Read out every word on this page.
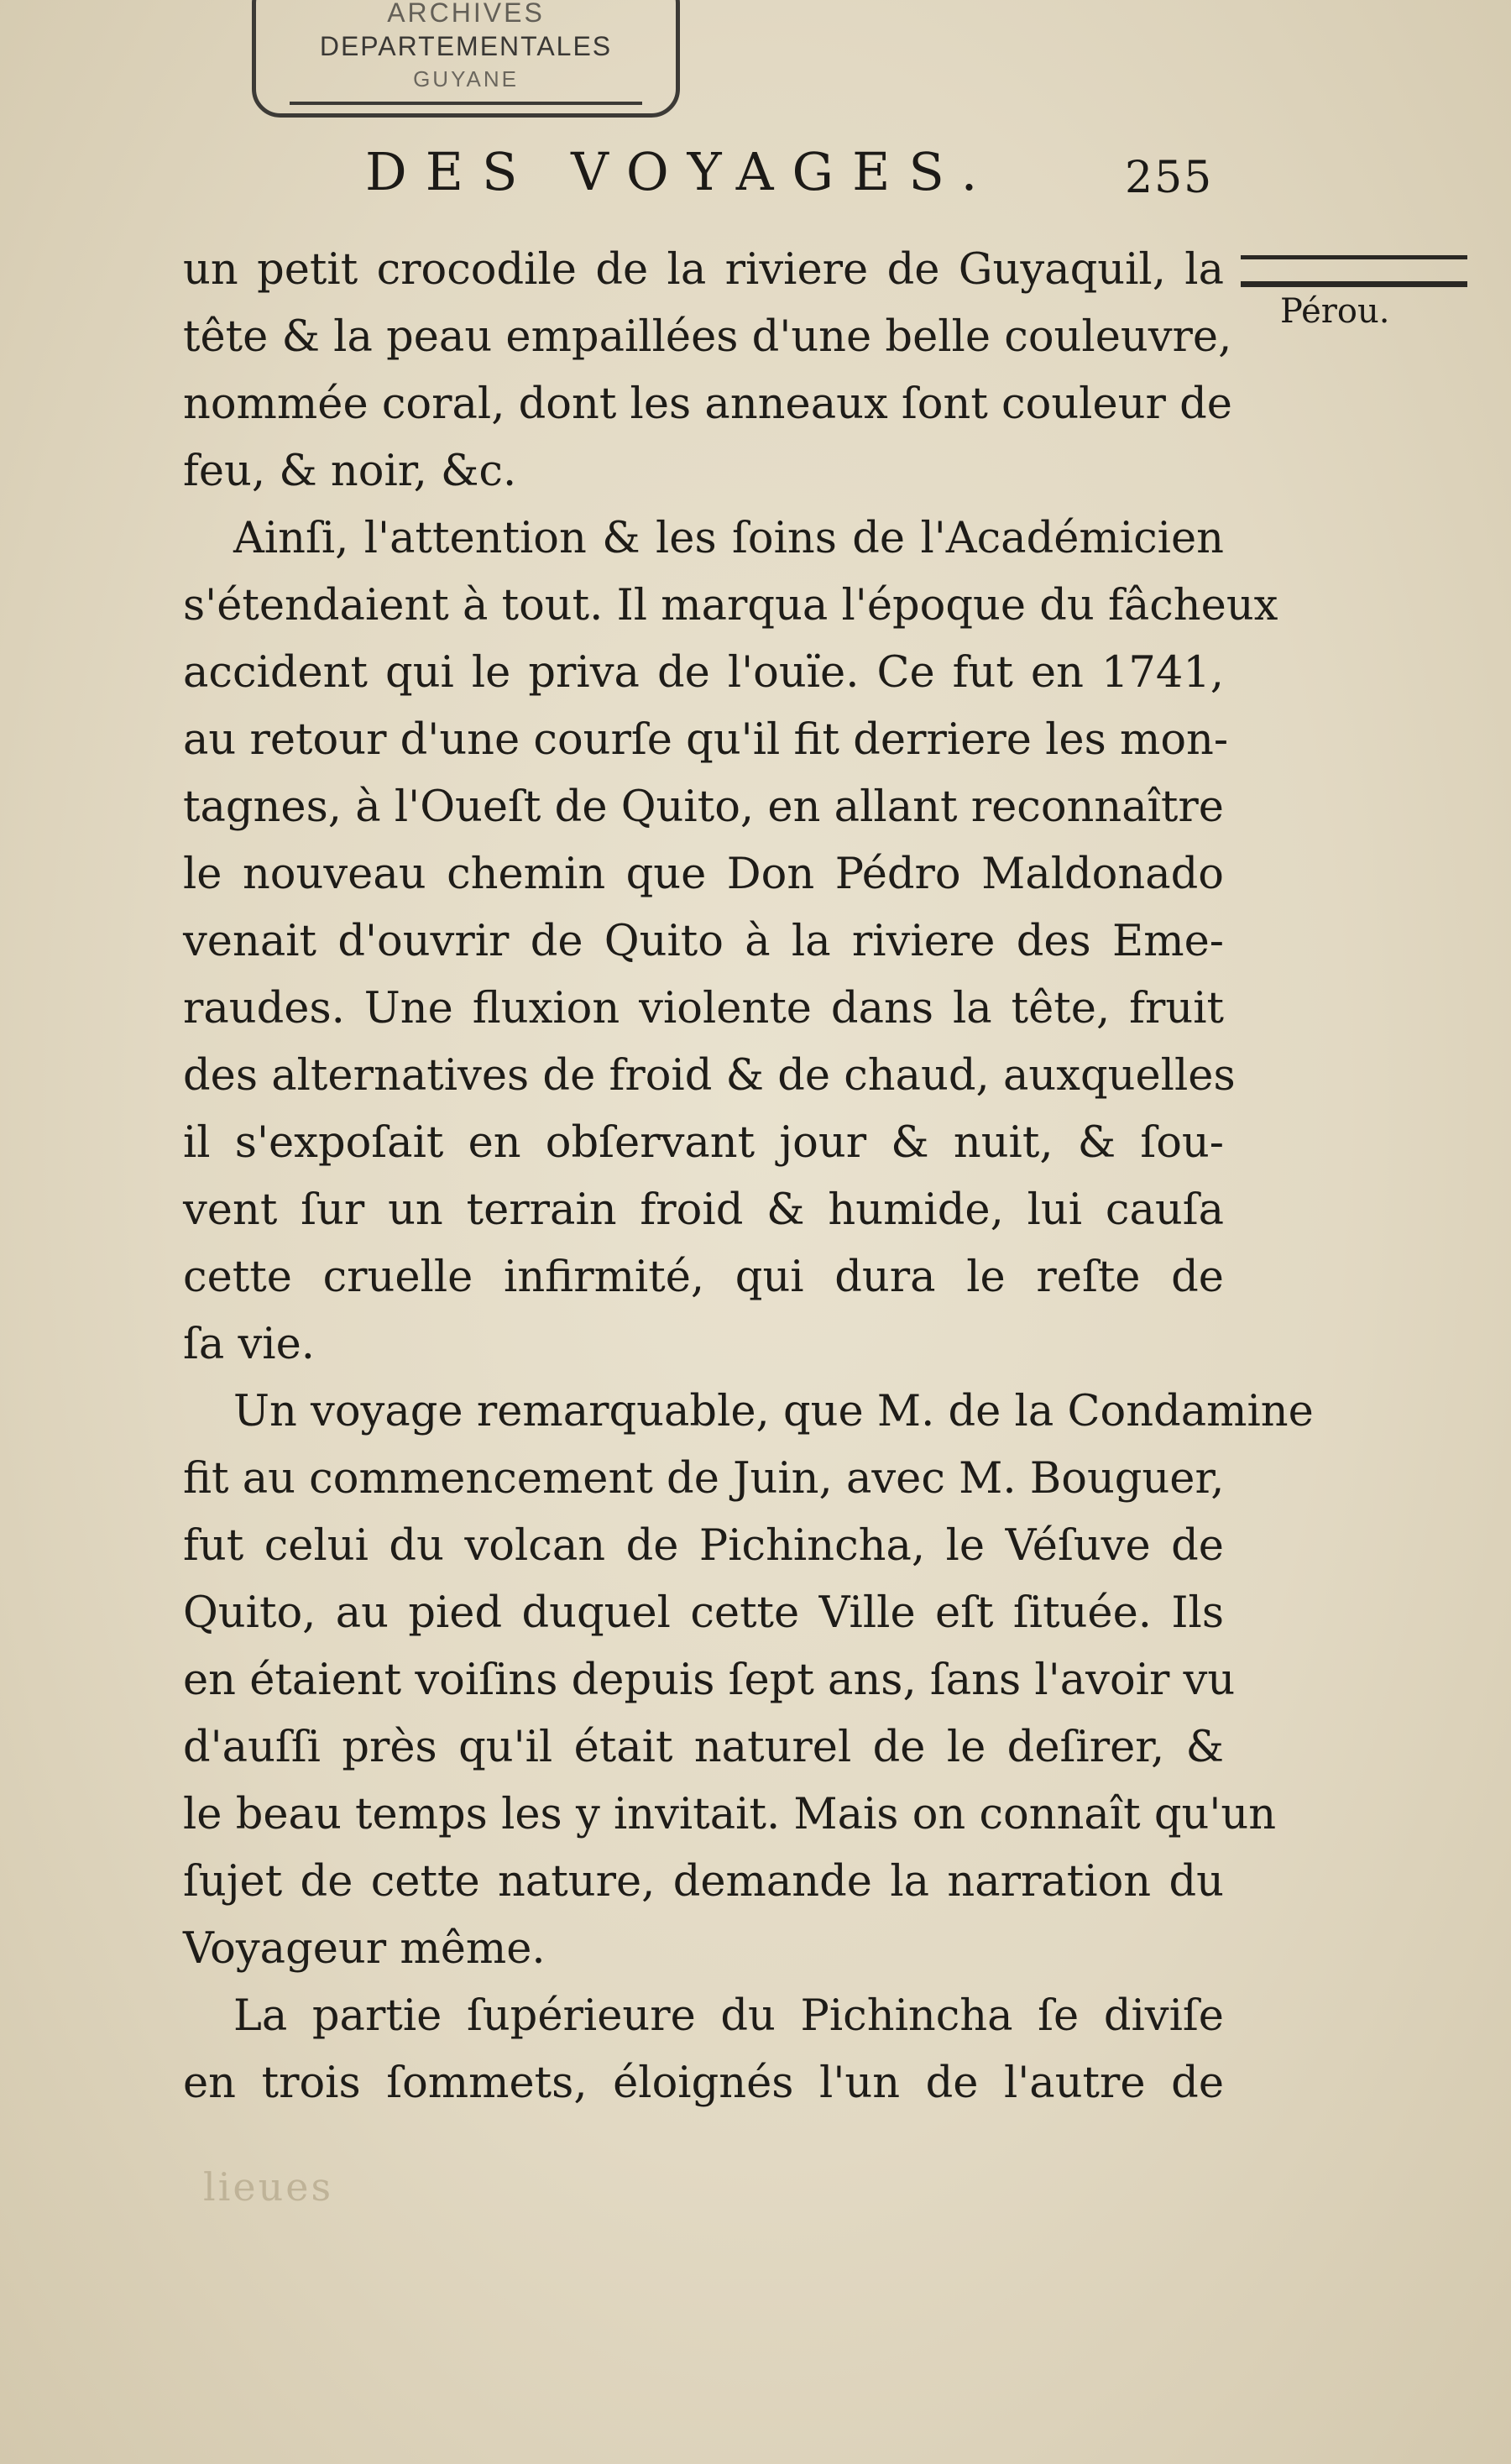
ARCHIVES
DEPARTEMENTALES
GUYANE
DES VOYAGES.	255
Pérou.
un petit crocodile de la riviere de Guyaquil, la
tête & la peau empaillées d'une belle couleuvre,
nommée coral, dont les anneaux ſont couleur de
feu, & noir, &c.
Ainſi, l'attention & les ſoins de l'Académicien
s'étendaient à tout. Il marqua l'époque du fâcheux
accident qui le priva de l'ouïe. Ce fut en 1741,
au retour d'une courſe qu'il fit derriere les mon-
tagnes, à l'Oueſt de Quito, en allant reconnaître
le nouveau chemin que Don Pédro Maldonado
venait d'ouvrir de Quito à la riviere des Eme-
raudes. Une fluxion violente dans la tête, fruit
des alternatives de froid & de chaud, auxquelles
il s'expoſait en obſervant jour & nuit, & ſou-
vent ſur un terrain froid & humide, lui cauſa
cette cruelle infirmité, qui dura le reſte de
ſa vie.
Un voyage remarquable, que M. de la Condamine
fit au commencement de Juin, avec M. Bouguer,
fut celui du volcan de Pichincha, le Véſuve de
Quito, au pied duquel cette Ville eſt ſituée. Ils
en étaient voiſins depuis ſept ans, ſans l'avoir vu
d'auſſi près qu'il était naturel de le deſirer, &
le beau temps les y invitait. Mais on connaît qu'un
ſujet de cette nature, demande la narration du
Voyageur même.
La partie ſupérieure du Pichincha ſe diviſe
en trois ſommets, éloignés l'un de l'autre de
lieues
